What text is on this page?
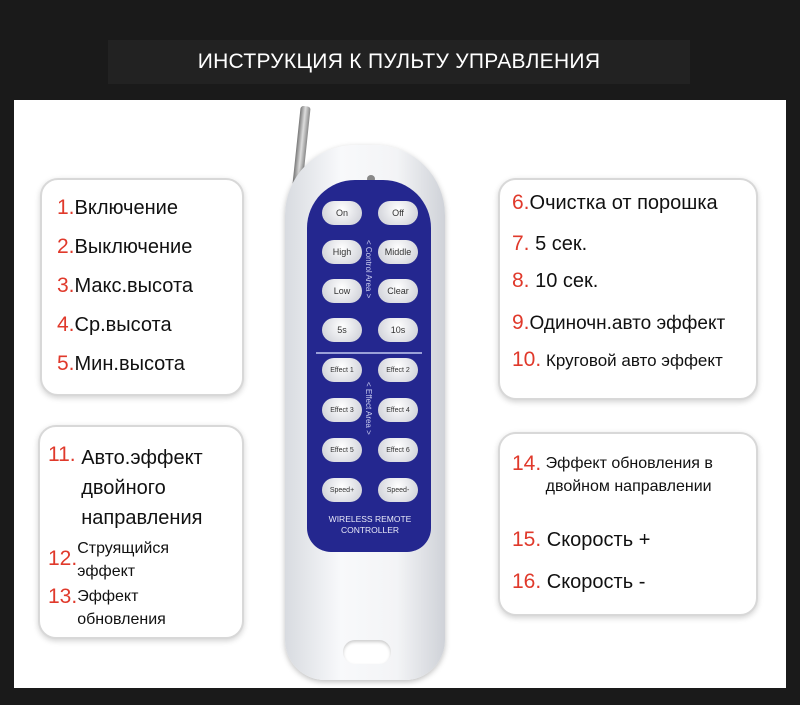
ИНСТРУКЦИЯ К ПУЛЬТУ УПРАВЛЕНИЯ
1.Включение
2.Выключение
3.Макс.высота
4.Ср.высота
5.Мин.высота
11. Авто.эффект двойного направления
12.Струящийся эффект
13.Эффект обновления
6.Очистка от порошка
7. 5 сек.
8. 10 сек.
9.Одиночн.авто эффект
10. Круговой авто эффект
14. Эффект обновления в двойном направлении
15. Скорость +
16. Скорость -
On	Off
High	Middle
Low	Clear
5s	10s
Effect 1	Effect 2
Effect 3	Effect 4
Effect 5	Effect 6
Speed+	Speed-
< Control Area >
< Effect Area >
WIRELESS REMOTE
CONTROLLER
